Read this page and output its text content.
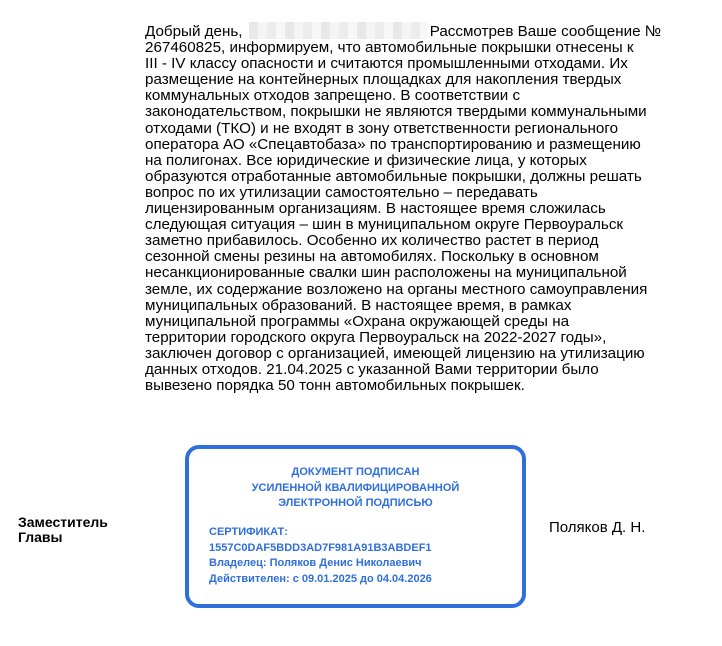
Добрый день,	Рассмотрев Ваше сообщение №

267460825, информируем, что автомобильные покрышки отнесены к

III - IV классу опасности и считаются промышленными отходами. Их

размещение на контейнерных площадках для накопления твердых

коммунальных отходов запрещено. В соответствии с

законодательством, покрышки не являются твердыми коммунальными

отходами (ТКО) и не входят в зону ответственности регионального

оператора АО «Спецавтобаза» по транспортированию и размещению

на полигонах. Все юридические и физические лица, у которых

образуются отработанные автомобильные покрышки, должны решать

вопрос по их утилизации самостоятельно – передавать

лицензированным организациям. В настоящее время сложилась

следующая ситуация – шин в муниципальном округе Первоуральск

заметно прибавилось. Особенно их количество растет в период

сезонной смены резины на автомобилях. Поскольку в основном

несанкционированные свалки шин расположены на муниципальной

земле, их содержание возложено на органы местного самоуправления

муниципальных образований. В настоящее время, в рамках

муниципальной программы «Охрана окружающей среды на

территории городского округа Первоуральск на 2022-2027 годы»,

заключен договор с организацией, имеющей лицензию на утилизацию

данных отходов. 21.04.2025 с указанной Вами территории было

вывезено порядка 50 тонн автомобильных покрышек.

Заместитель
Главы
ДОКУМЕНТ ПОДПИСАН
УСИЛЕННОЙ КВАЛИФИЦИРОВАННОЙ
ЭЛЕКТРОННОЙ ПОДПИСЬЮ
СЕРТИФИКАТ:
1557C0DAF5BDD3AD7F981A91B3ABDEF1
Владелец: Поляков Денис Николаевич
Действителен: с 09.01.2025 до 04.04.2026
Поляков Д. Н.
